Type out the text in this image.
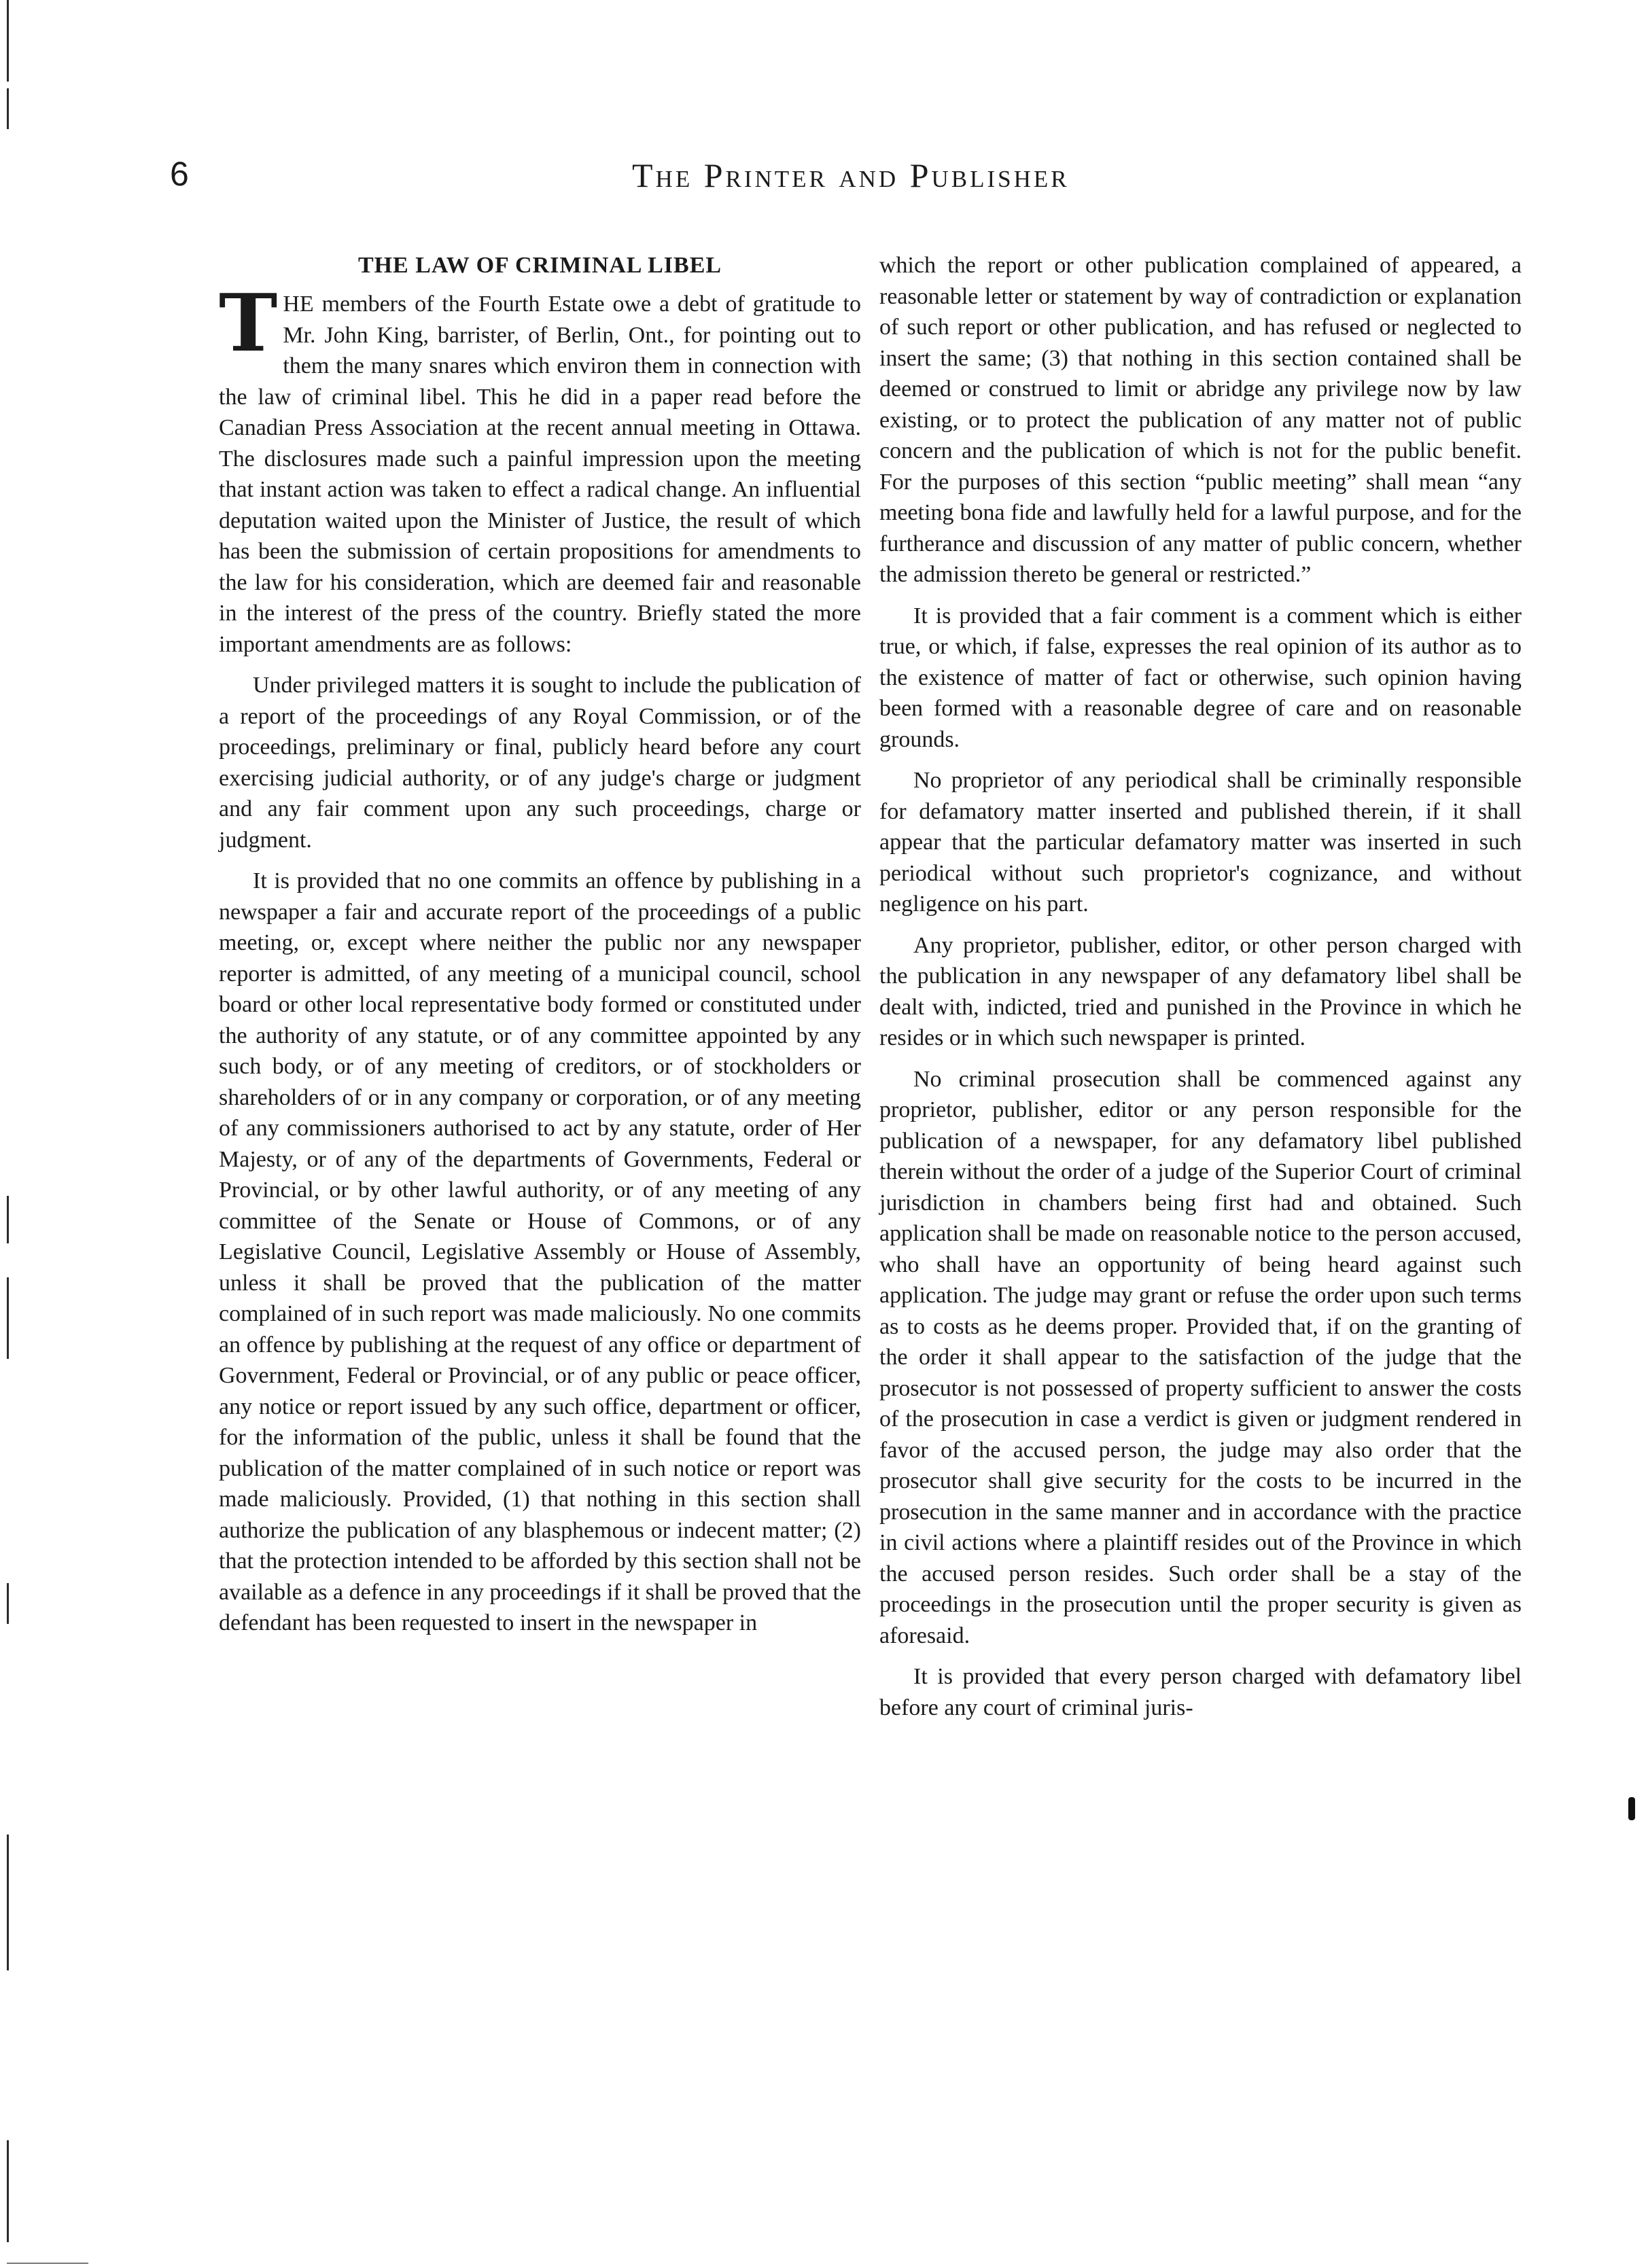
6	The Printer and Publisher
THE LAW OF CRIMINAL LIBEL

THE members of the Fourth Estate owe a debt of gratitude to Mr. John King, barrister, of Berlin, Ont., for pointing out to them the many snares which environ them in connection with the law of criminal libel. This he did in a paper read before the Canadian Press Association at the recent annual meeting in Ottawa. The disclosures made such a painful impression upon the meeting that instant action was taken to effect a radical change. An influential deputation waited upon the Minister of Justice, the result of which has been the submission of certain propositions for amendments to the law for his consideration, which are deemed fair and reasonable in the interest of the press of the country. Briefly stated the more important amendments are as follows:

Under privileged matters it is sought to include the publication of a report of the proceedings of any Royal Commission, or of the proceedings, preliminary or final, publicly heard before any court exercising judicial authority, or of any judge's charge or judgment and any fair comment upon any such proceedings, charge or judgment.

It is provided that no one commits an offence by publishing in a newspaper a fair and accurate report of the proceedings of a public meeting, or, except where neither the public nor any newspaper reporter is admitted, of any meeting of a municipal council, school board or other local representative body formed or constituted under the authority of any statute, or of any committee appointed by any such body, or of any meeting of creditors, or of stockholders or shareholders of or in any company or corporation, or of any meeting of any commissioners authorised to act by any statute, order of Her Majesty, or of any of the departments of Governments, Federal or Provincial, or by other lawful authority, or of any meeting of any committee of the Senate or House of Commons, or of any Legislative Council, Legislative Assembly or House of Assembly, unless it shall be proved that the publication of the matter complained of in such report was made maliciously. No one commits an offence by publishing at the request of any office or department of Government, Federal or Provincial, or of any public or peace officer, any notice or report issued by any such office, department or officer, for the information of the public, unless it shall be found that the publication of the matter complained of in such notice or report was made maliciously. Provided, (1) that nothing in this section shall authorize the publication of any blasphemous or indecent matter; (2) that the protection intended to be afforded by this section shall not be available as a defence in any proceedings if it shall be proved that the defendant has been requested to insert in the newspaper in

which the report or other publication complained of appeared, a reasonable letter or statement by way of contradiction or explanation of such report or other publication, and has refused or neglected to insert the same; (3) that nothing in this section contained shall be deemed or construed to limit or abridge any privilege now by law existing, or to protect the publication of any matter not of public concern and the publication of which is not for the public benefit. For the purposes of this section “public meeting” shall mean “any meeting bona fide and lawfully held for a lawful purpose, and for the furtherance and discussion of any matter of public concern, whether the admission thereto be general or restricted.”

It is provided that a fair comment is a comment which is either true, or which, if false, expresses the real opinion of its author as to the existence of matter of fact or otherwise, such opinion having been formed with a reasonable degree of care and on reasonable grounds.

No proprietor of any periodical shall be criminally responsible for defamatory matter inserted and published therein, if it shall appear that the particular defamatory matter was inserted in such periodical without such proprietor's cognizance, and without negligence on his part.

Any proprietor, publisher, editor, or other person charged with the publication in any newspaper of any defamatory libel shall be dealt with, indicted, tried and punished in the Province in which he resides or in which such newspaper is printed.

No criminal prosecution shall be commenced against any proprietor, publisher, editor or any person responsible for the publication of a newspaper, for any defamatory libel published therein without the order of a judge of the Superior Court of criminal jurisdiction in chambers being first had and obtained. Such application shall be made on reasonable notice to the person accused, who shall have an opportunity of being heard against such application. The judge may grant or refuse the order upon such terms as to costs as he deems proper. Provided that, if on the granting of the order it shall appear to the satisfaction of the judge that the prosecutor is not possessed of property sufficient to answer the costs of the prosecution in case a verdict is given or judgment rendered in favor of the accused person, the judge may also order that the prosecutor shall give security for the costs to be incurred in the prosecution in the same manner and in accordance with the practice in civil actions where a plaintiff resides out of the Province in which the accused person resides. Such order shall be a stay of the proceedings in the prosecution until the proper security is given as aforesaid.

It is provided that every person charged with defamatory libel before any court of criminal juris-
